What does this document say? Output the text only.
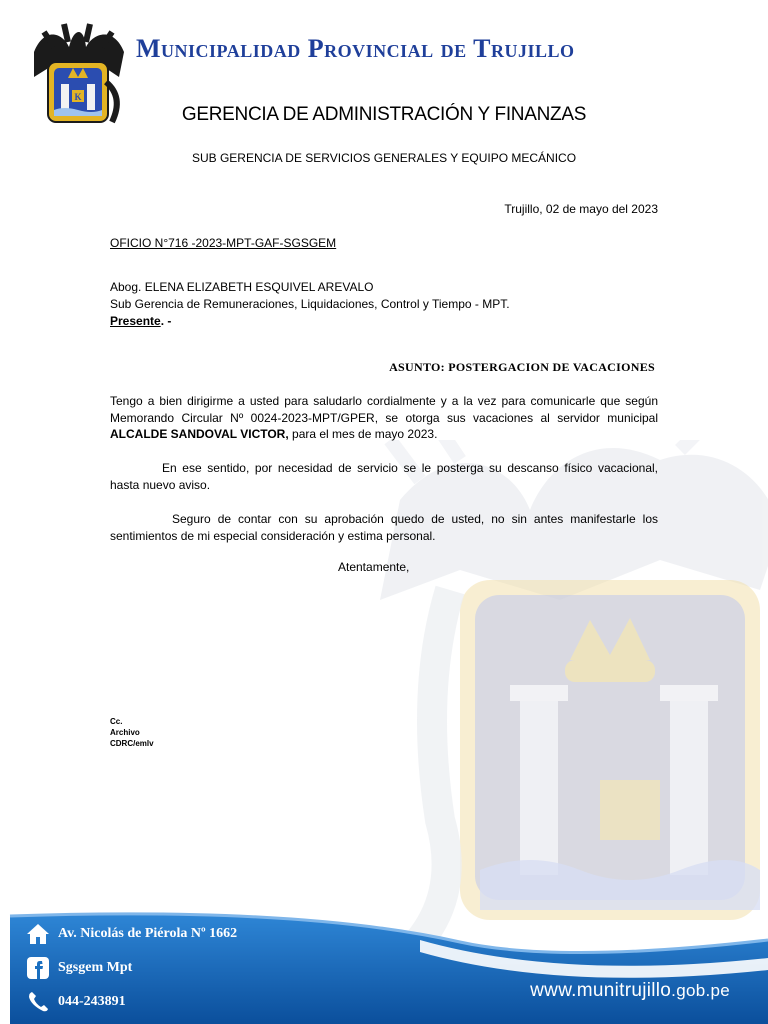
K
Municipalidad Provincial de Trujillo
GERENCIA DE ADMINISTRACIÓN Y FINANZAS
SUB GERENCIA DE SERVICIOS GENERALES Y EQUIPO MECÁNICO
Trujillo, 02 de mayo del 2023
OFICIO N°716 -2023-MPT-GAF-SGSGEM
Abog. ELENA ELIZABETH ESQUIVEL AREVALO
Sub Gerencia de Remuneraciones, Liquidaciones, Control y Tiempo - MPT.
Presente. -
ASUNTO: POSTERGACION DE VACACIONES
Tengo a bien dirigirme a usted para saludarlo cordialmente y a la vez para comunicarle que según Memorando Circular Nº 0024-2023-MPT/GPER, se otorga sus vacaciones al servidor municipal ALCALDE SANDOVAL VICTOR, para el mes de mayo 2023.
En ese sentido, por necesidad de servicio se le posterga su descanso físico vacacional, hasta nuevo aviso.
Seguro de contar con su aprobación quedo de usted, no sin antes manifestarle los sentimientos de mi especial consideración y estima personal.
Atentamente,
Cc.
Archivo
CDRC/emlv
Av. Nicolás de Piérola Nº 1662
Sgsgem Mpt
044-243891
www.munitrujillo.gob.pe
